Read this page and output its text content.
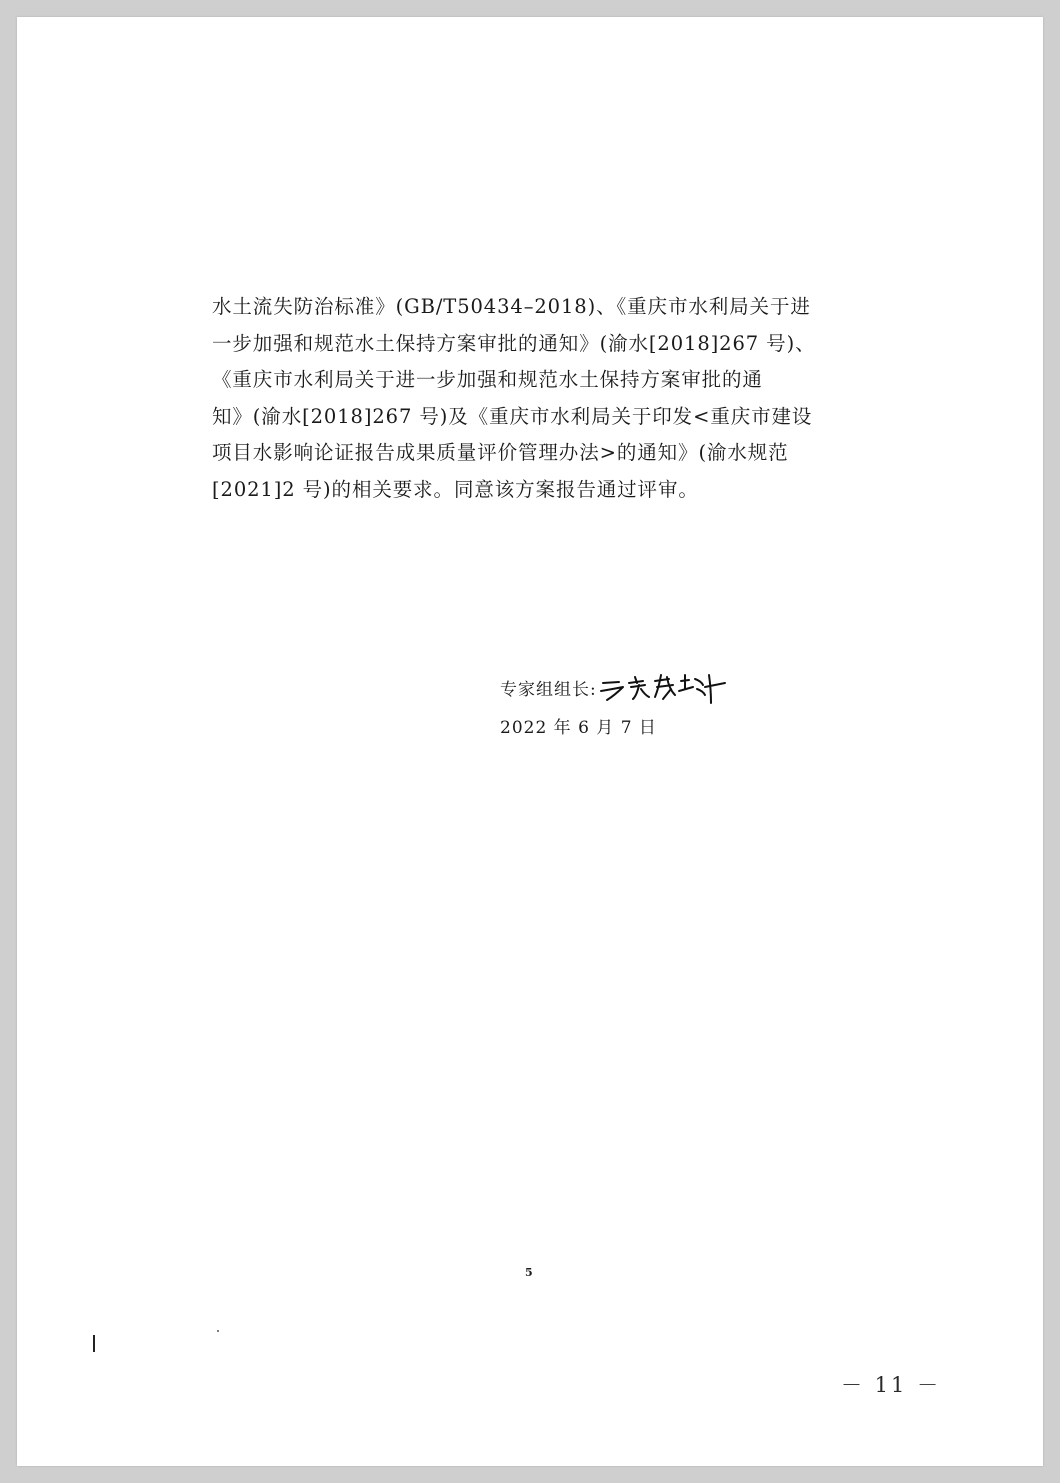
水土流失防治标准》(GB/T50434–2018)、《重庆市水利局关于进
一步加强和规范水土保持方案审批的通知》(渝水[2018]267 号)、
《重庆市水利局关于进一步加强和规范水土保持方案审批的通
知》(渝水[2018]267 号)及《重庆市水利局关于印发<重庆市建设
项目水影响论证报告成果质量评价管理办法>的通知》(渝水规范
[2021]2 号)的相关要求。同意该方案报告通过评审。
专家组组长:
2022 年 6 月 7 日
5
－ 11 －
